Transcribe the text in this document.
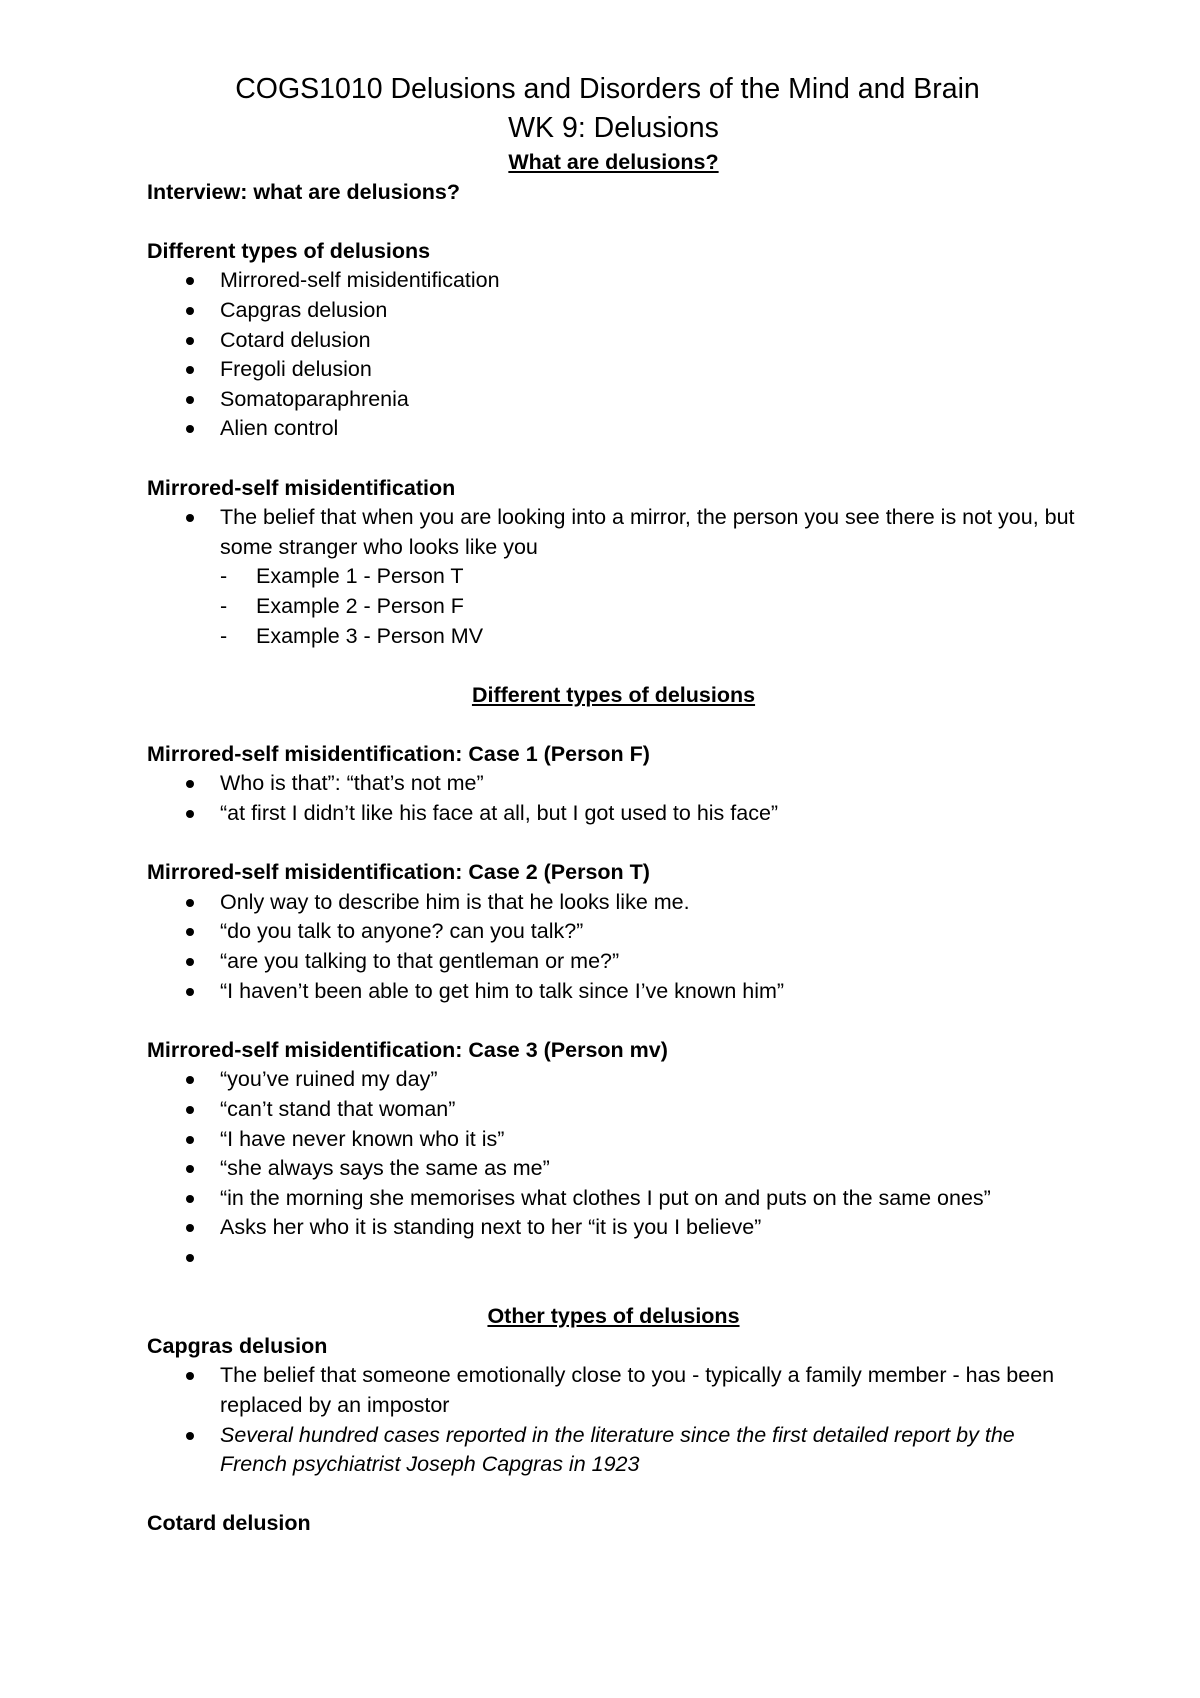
COGS1010 Delusions and Disorders of the Mind and Brain
WK 9: Delusions

What are delusions?

Interview: what are delusions?

Different types of delusions

Mirrored-self misidentification
Capgras delusion
Cotard delusion
Fregoli delusion
Somatoparaphrenia
Alien control

Mirrored-self misidentification

The belief that when you are looking into a mirror, the person you see there is not you, but some stranger who looks like you
- Example 1 - Person T
- Example 2 - Person F
- Example 3 - Person MV

Different types of delusions

Mirrored-self misidentification: Case 1 (Person F)

Who is that”: “that’s not me”
“at first I didn’t like his face at all, but I got used to his face”

Mirrored-self misidentification: Case 2 (Person T)

Only way to describe him is that he looks like me.
“do you talk to anyone? can you talk?”
“are you talking to that gentleman or me?”
“I haven’t been able to get him to talk since I’ve known him”

Mirrored-self misidentification: Case 3 (Person mv)

“you’ve ruined my day”
“can’t stand that woman”
“I have never known who it is”
“she always says the same as me”
“in the morning she memorises what clothes I put on and puts on the same ones”
Asks her who it is standing next to her “it is you I believe”

Other types of delusions

Capgras delusion

The belief that someone emotionally close to you - typically a family member - has been replaced by an impostor
Several hundred cases reported in the literature since the first detailed report by the French psychiatrist Joseph Capgras in 1923

Cotard delusion
